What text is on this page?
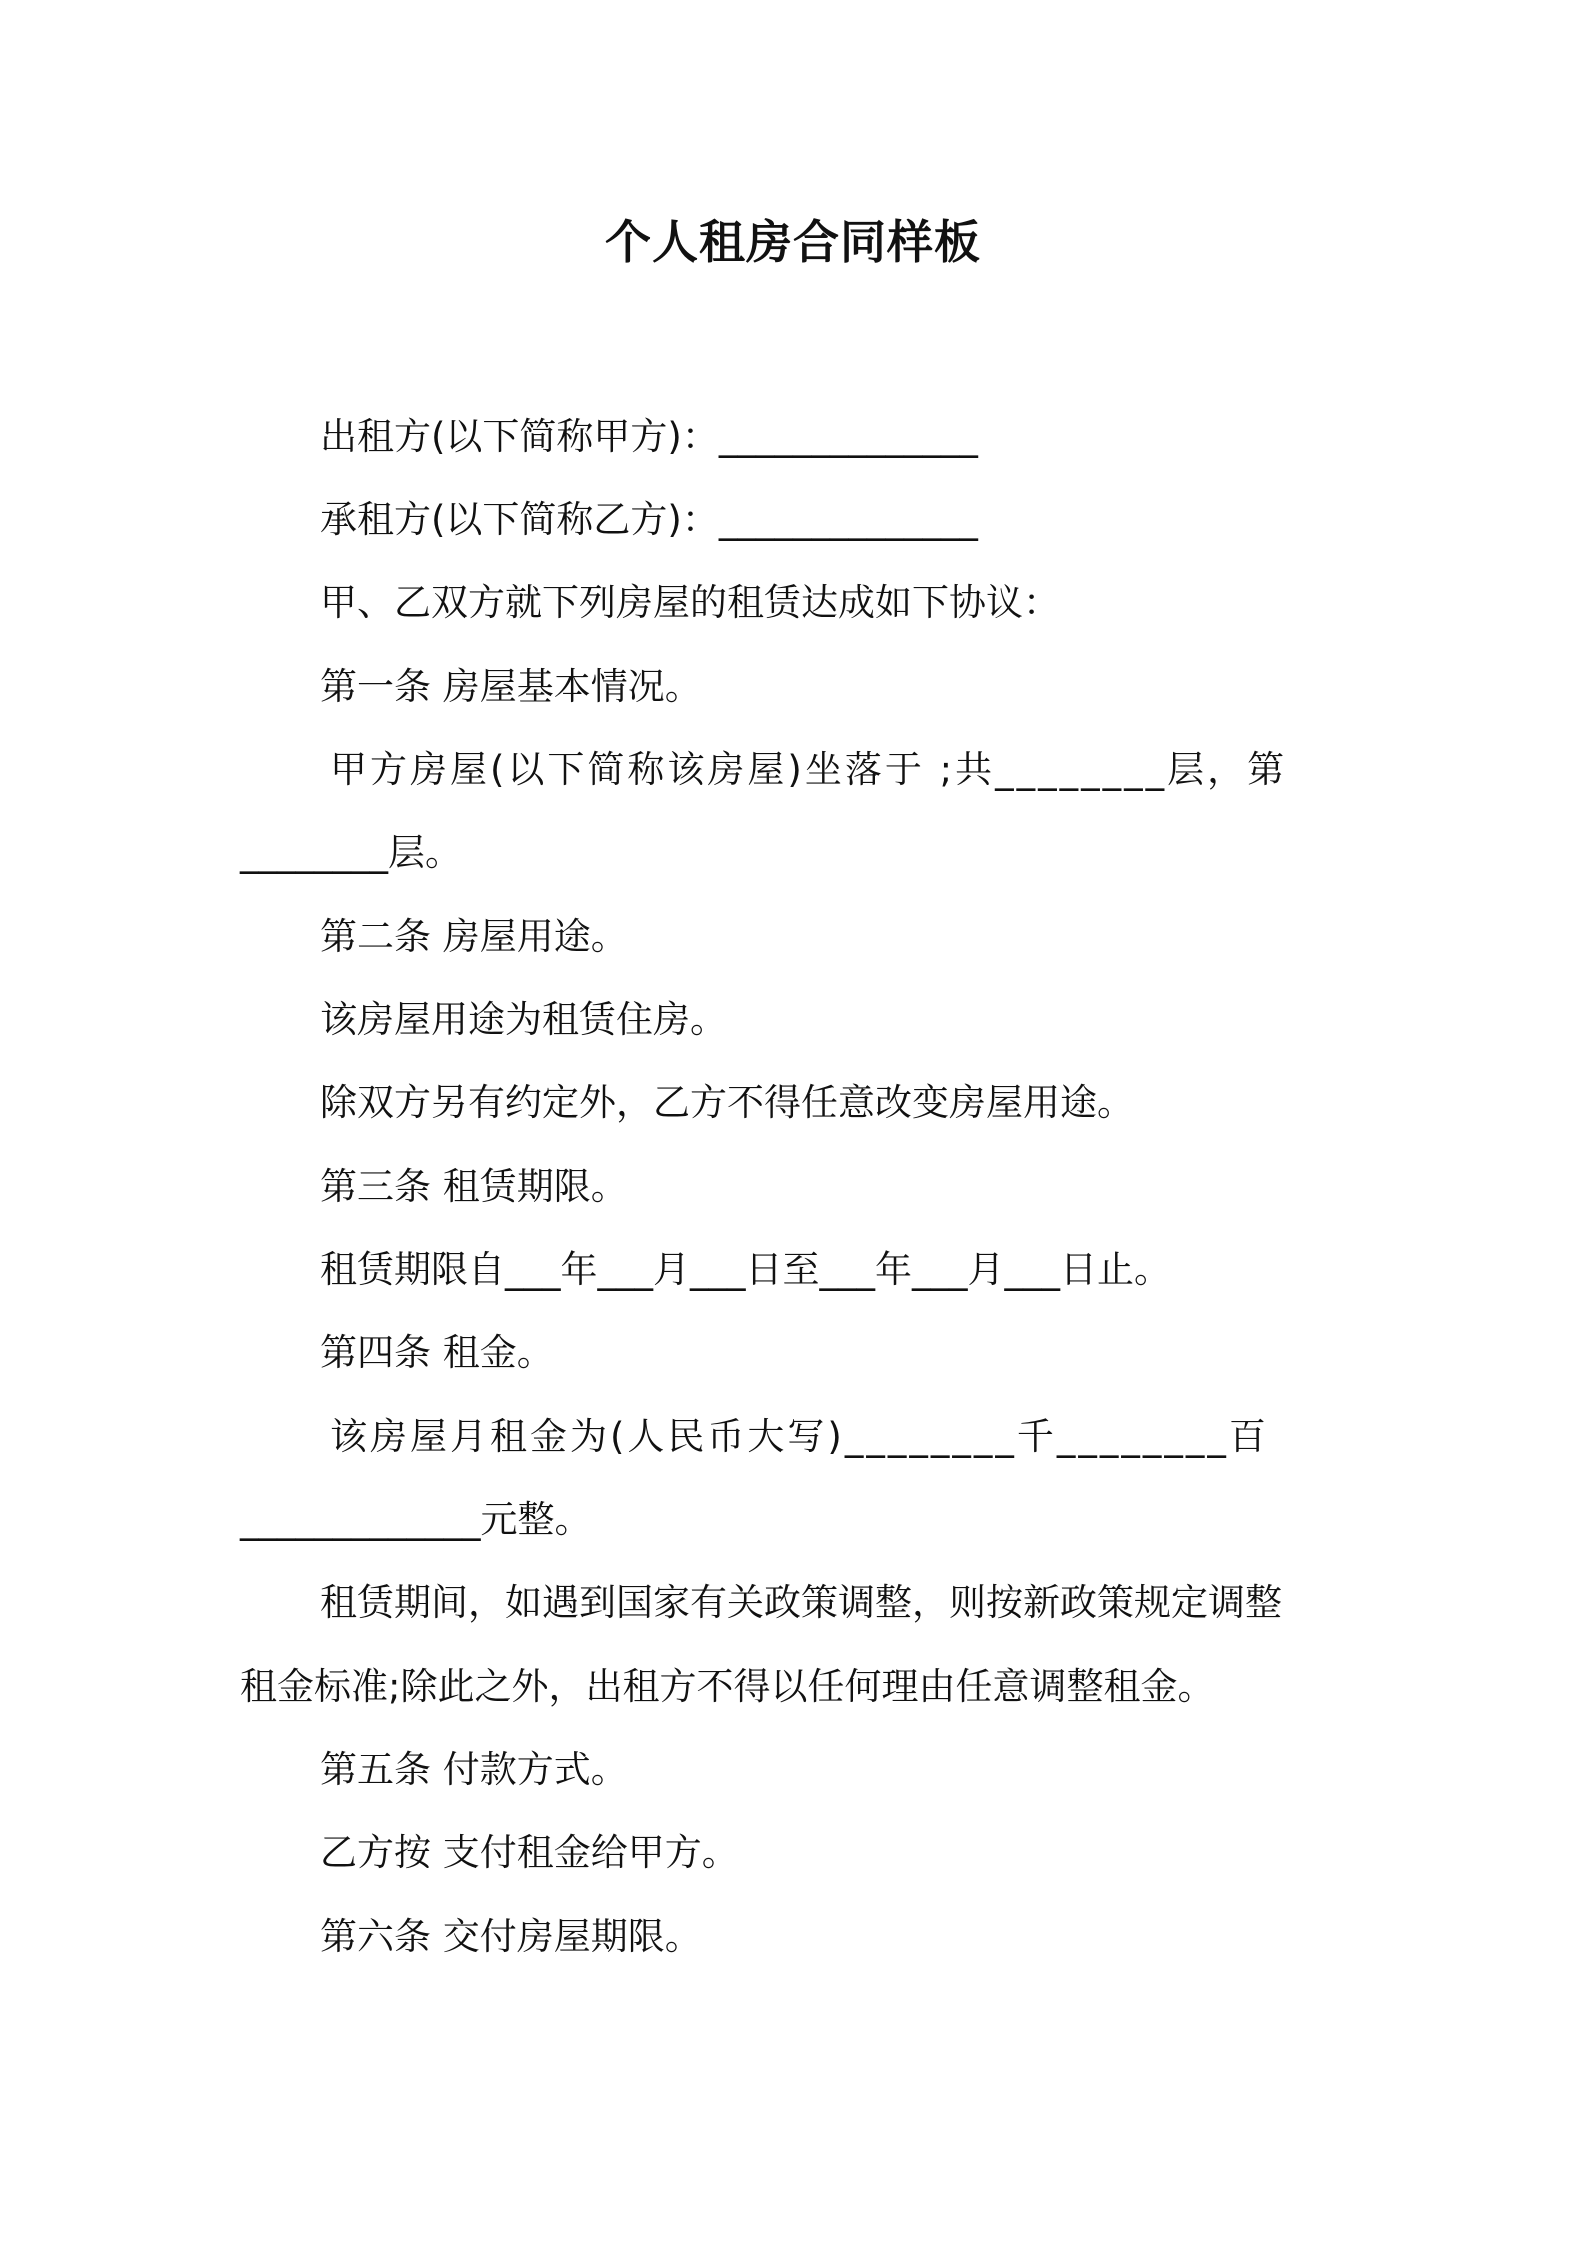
个人租房合同样板
出租方(以下简称甲方)：______________
承租方(以下简称乙方)：______________
甲、乙双方就下列房屋的租赁达成如下协议：
第一条 房屋基本情况。
甲方房屋(以下简称该房屋)坐落于 ;共________层，第
________层。
第二条 房屋用途。
该房屋用途为租赁住房。
除双方另有约定外，乙方不得任意改变房屋用途。
第三条 租赁期限。
租赁期限自___年___月___日至___年___月___日止。
第四条 租金。
该房屋月租金为(人民币大写)________千________百
_____________元整。
租赁期间，如遇到国家有关政策调整，则按新政策规定调整
租金标准;除此之外，出租方不得以任何理由任意调整租金。
第五条 付款方式。
乙方按 支付租金给甲方。
第六条 交付房屋期限。
